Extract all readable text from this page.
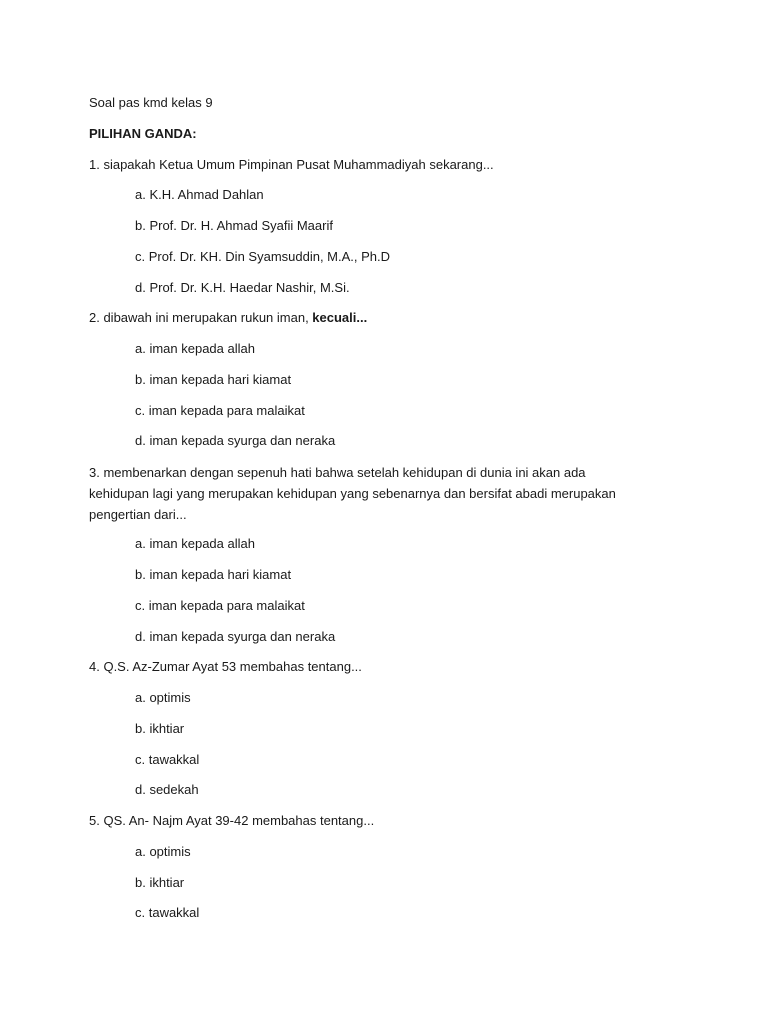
Soal pas kmd kelas 9
PILIHAN GANDA:
1. siapakah Ketua Umum Pimpinan Pusat Muhammadiyah sekarang...
a. K.H. Ahmad Dahlan
b. Prof. Dr. H. Ahmad Syafii Maarif
c. Prof. Dr. KH. Din Syamsuddin, M.A., Ph.D
d. Prof. Dr. K.H. Haedar Nashir, M.Si.
2. dibawah ini merupakan rukun iman, kecuali...
a. iman kepada allah
b. iman kepada hari kiamat
c. iman kepada para malaikat
d. iman kepada syurga dan neraka
3. membenarkan dengan sepenuh hati bahwa setelah kehidupan di dunia ini akan ada
kehidupan lagi yang merupakan kehidupan yang sebenarnya dan bersifat abadi merupakan
pengertian dari...
a. iman kepada allah
b. iman kepada hari kiamat
c. iman kepada para malaikat
d. iman kepada syurga dan neraka
4. Q.S. Az-Zumar Ayat 53 membahas tentang...
a. optimis
b. ikhtiar
c. tawakkal
d. sedekah
5. QS. An- Najm Ayat 39-42 membahas tentang...
a. optimis
b. ikhtiar
c. tawakkal
